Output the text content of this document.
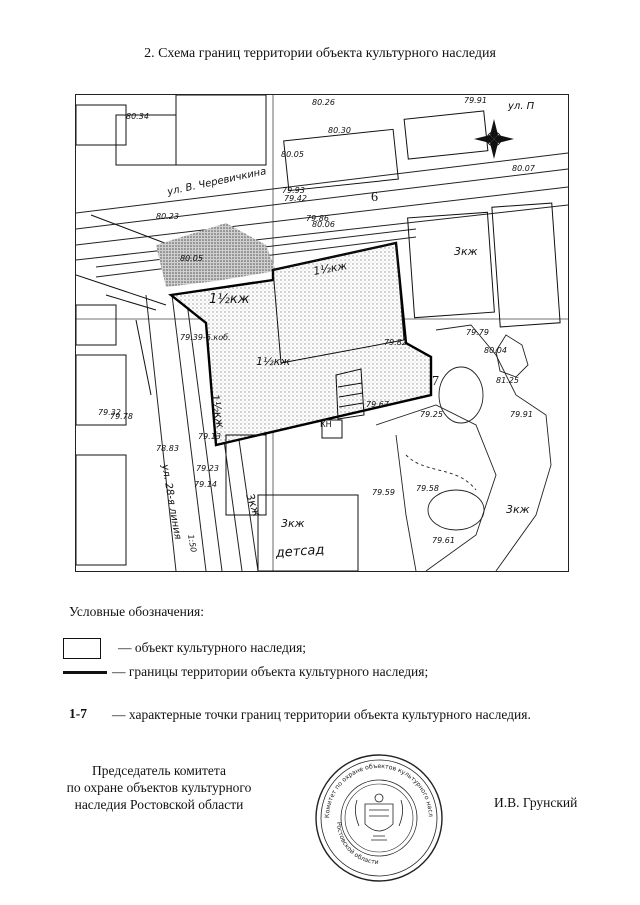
2. Схема границ территории объекта культурного наследия
ул. В. Черевичкина
ул. 28-я линия
1½кж
1½кж
1½кж
1½кж
3кж
3кж
3кж
3кж
детсад
6
7
КН
ул. П
80.34
80.26	79.91
80.30
80.05
79.93
80.06
80.05
79.82
79.78
80.04
81.25
79.91
79.25
79.59
79.61
79.23
79.14
79.32
79.13
80.07
79.58
80.23	79.86
79.67
79.79
79.42
1:50
79.39-6.коб.
78.83
Условные обозначения:
— объект культурного наследия;
— границы территории объекта культурного наследия;
1-7 — характерные точки границ территории объекта культурного наследия.
Председатель комитета
по охране объектов культурного
наследия Ростовской области
Комитет по охране объектов культурного насл
Ростовской области
И.В. Грунский
